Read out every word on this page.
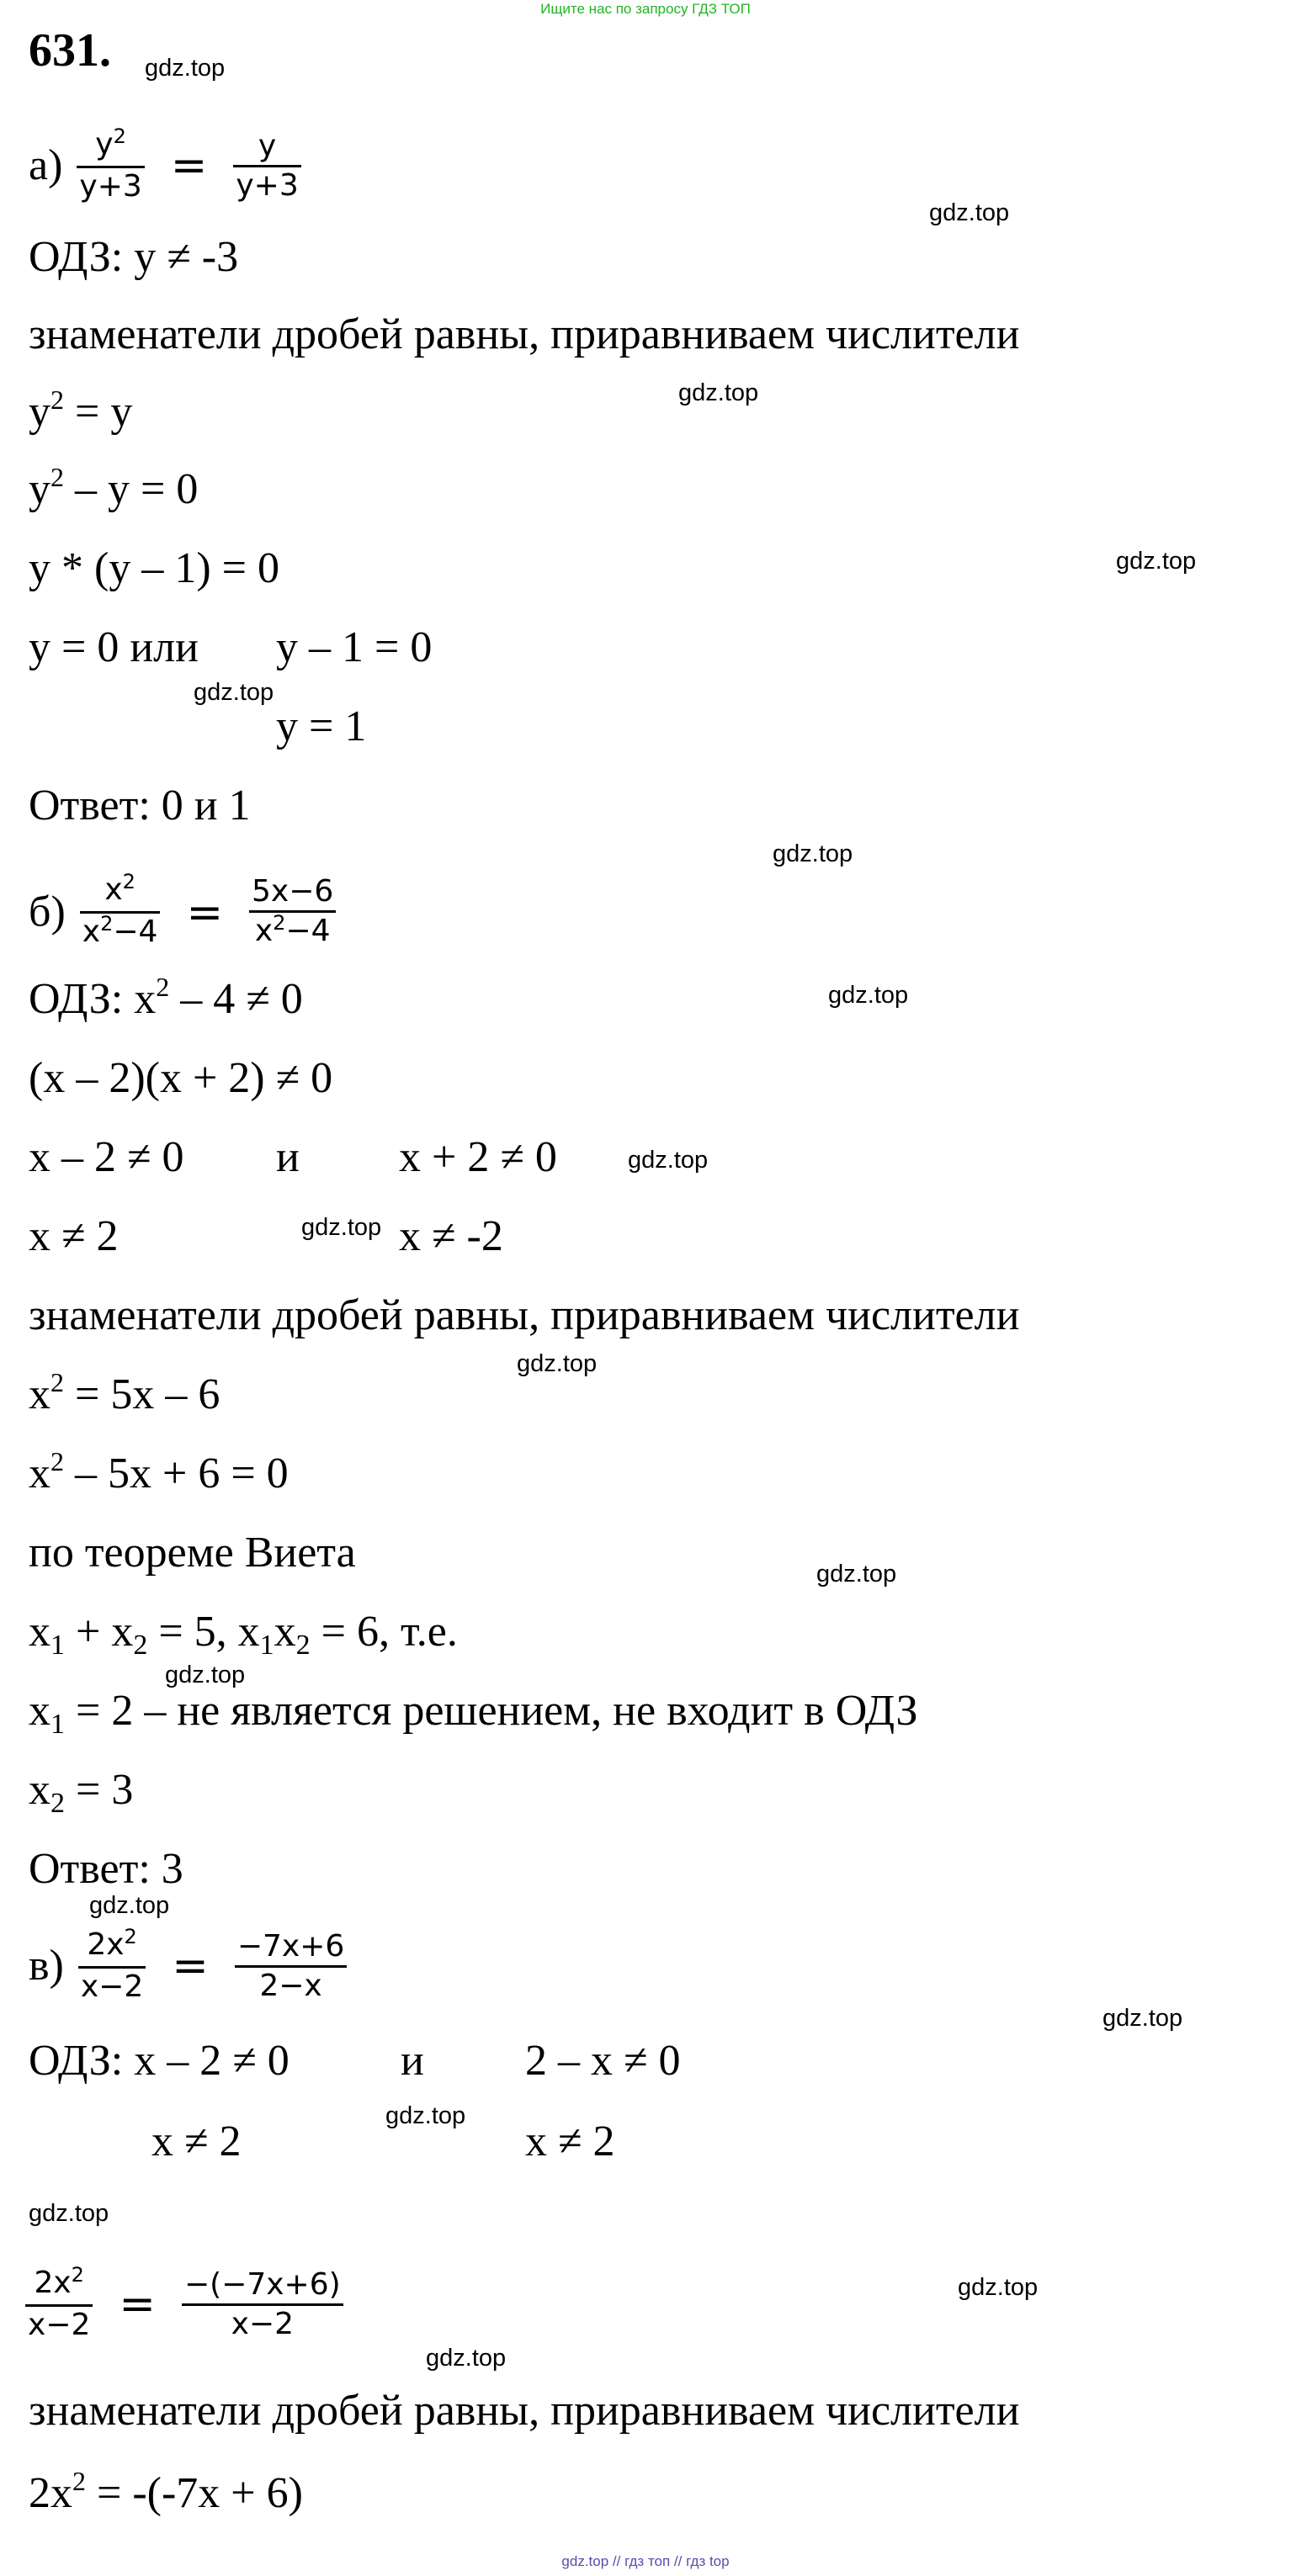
Ищите нас по запросу ГДЗ ТОП
gdz.top // гдз топ // гдз top
631.
$а) \frac{y^2}{y+3} = \frac{y}{y+3}$
ОДЗ: y ≠ -3
знаменатели дробей равны, приравниваем числители
$y^2 = y$
$y^2 - y = 0$
y * (y – 1) = 0
y = 0 или y – 1 = 0
y = 1
Ответ: 0 и 1
$б) \frac{x^2}{x^2-4} = \frac{5x-6}{x^2-4}$
ОДЗ: $x^2 - 4 \ne 0$
(x – 2)(x + 2) ≠ 0
x – 2 ≠ 0 и x + 2 ≠ 0
x ≠ 2	x ≠ -2
знаменатели дробей равны, приравниваем числители
$x^2 = 5x - 6$
$x^2 - 5x + 6 = 0$
по теореме Виета
x1 + x2 = 5, x1x2 = 6, т.е.
x1 = 2 – не является решением, не входит в ОДЗ
x2 = 3
Ответ: 3
$в) \frac{2x^2}{x-2} = \frac{-7x+6}{2-x}$
ОДЗ: x – 2 ≠ 0	и 2 – x ≠ 0
x ≠ 2	x ≠ 2
$\frac{2x^2}{x-2} = \frac{-(-7x+6)}{x-2}$
знаменатели дробей равны, приравниваем числители
$2x^2 = -(-7x + 6)$
gdz.top
gdz.top
gdz.top
gdz.top
gdz.top
gdz.top
gdz.top
gdz.top
gdz.top
gdz.top
gdz.top
gdz.top
gdz.top
gdz.top
gdz.top
gdz.top
gdz.top
gdz.top
